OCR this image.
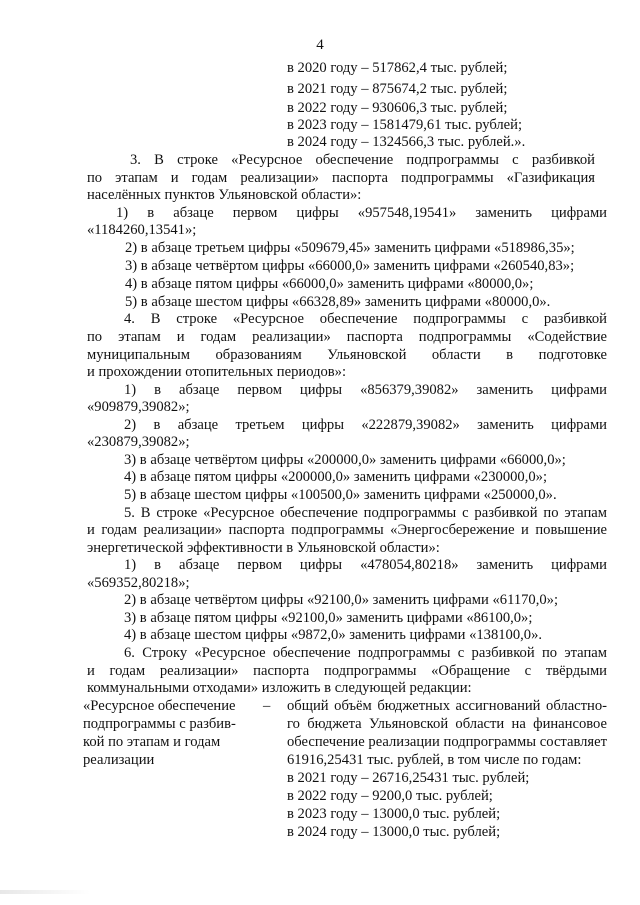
4
в 2020 году – 517862,4 тыс. рублей;
в 2021 году – 875674,2 тыс. рублей;
в 2022 году – 930606,3 тыс. рублей;
в 2023 году – 1581479,61 тыс. рублей;
в 2024 году – 1324566,3 тыс. рублей.».
3. В строке «Ресурсное обеспечение подпрограммы с разбивкой
по этапам и годам реализации» паспорта подпрограммы «Газификация
населённых пунктов Ульяновской области»:
1) в абзаце первом цифры «957548,19541» заменить цифрами
«1184260,13541»;
2) в абзаце третьем цифры «509679,45» заменить цифрами «518986,35»;
3) в абзаце четвёртом цифры «66000,0» заменить цифрами «260540,83»;
4) в абзаце пятом цифры «66000,0» заменить цифрами «80000,0»;
5) в абзаце шестом цифры «66328,89» заменить цифрами «80000,0».
4. В строке «Ресурсное обеспечение подпрограммы с разбивкой
по этапам и годам реализации» паспорта подпрограммы «Содействие
муниципальным образованиям Ульяновской области в подготовке
и прохождении отопительных периодов»:
1) в абзаце первом цифры «856379,39082» заменить цифрами
«909879,39082»;
2) в абзаце третьем цифры «222879,39082» заменить цифрами
«230879,39082»;
3) в абзаце четвёртом цифры «200000,0» заменить цифрами «66000,0»;
4) в абзаце пятом цифры «200000,0» заменить цифрами «230000,0»;
5) в абзаце шестом цифры «100500,0» заменить цифрами «250000,0».
5. В строке «Ресурсное обеспечение подпрограммы с разбивкой по этапам
и годам реализации» паспорта подпрограммы «Энергосбережение и повышение
энергетической эффективности в Ульяновской области»:
1) в абзаце первом цифры «478054,80218» заменить цифрами
«569352,80218»;
2) в абзаце четвёртом цифры «92100,0» заменить цифрами «61170,0»;
3) в абзаце пятом цифры «92100,0» заменить цифрами «86100,0»;
4) в абзаце шестом цифры «9872,0» заменить цифрами «138100,0».
6. Строку «Ресурсное обеспечение подпрограммы с разбивкой по этапам
и годам реализации» паспорта подпрограммы «Обращение с твёрдыми
коммунальными отходами» изложить в следующей редакции:
«Ресурсное обеспечение
подпрограммы с разбив-
кой по этапам и годам
реализации
– общий объём бюджетных ассигнований областно-
го бюджета Ульяновской области на финансовое
обеспечение реализации подпрограммы составляет
61916,25431 тыс. рублей, в том числе по годам:
в 2021 году – 26716,25431 тыс. рублей;
в 2022 году – 9200,0 тыс. рублей;
в 2023 году – 13000,0 тыс. рублей;
в 2024 году – 13000,0 тыс. рублей;
